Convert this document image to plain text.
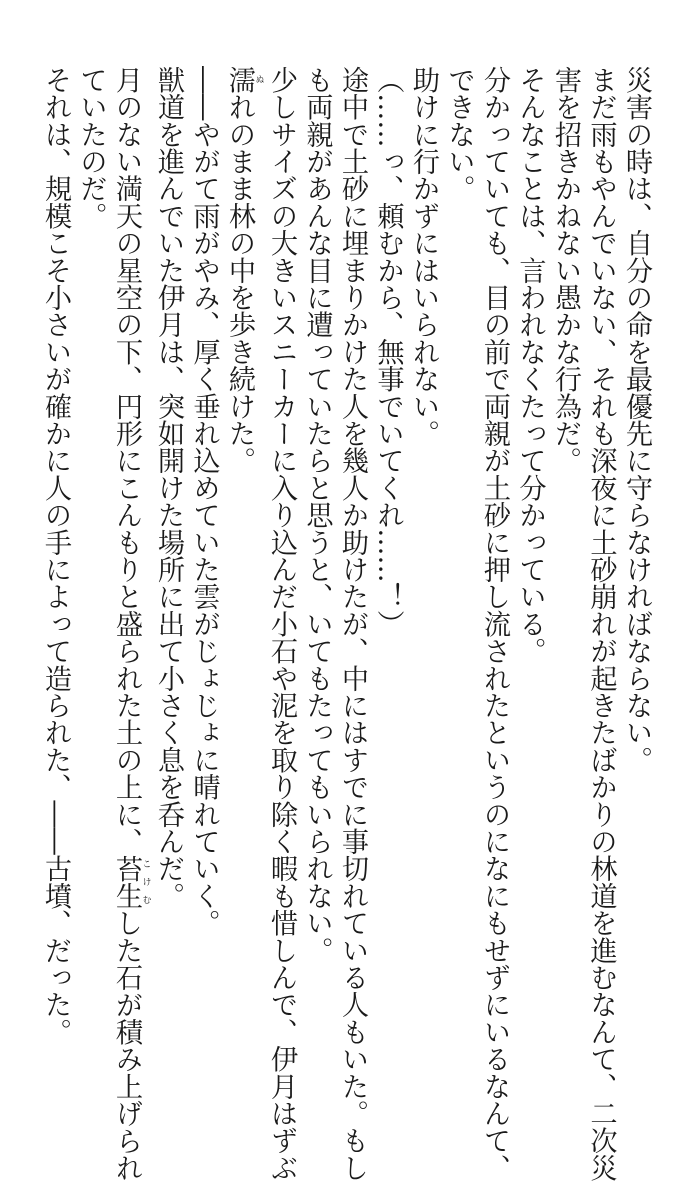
災害の時は、自分の命を最優先に守らなければならない。
まだ雨もやんでいない、それも深夜に土砂崩れが起きたばかりの林道を進むなんて、二次災
害を招きかねない愚かな行為だ。
そんなことは、言われなくたって分かっている。
分かっていても、目の前で両親が土砂に押し流されたというのになにもせずにいるなんて、
できない。
助けに行かずにはいられない。
（……っ、頼むから、無事でいてくれ……！）
途中で土砂に埋まりかけた人を幾人か助けたが、中にはすでに事切れている人もいた。もし
も両親があんな目に遭っていたらと思うと、いてもたってもいられない。
少しサイズの大きいスニーカーに入り込んだ小石や泥を取り除く暇も惜しんで、伊月はずぶ
濡ぬれのまま林の中を歩き続けた。
――やがて雨がやみ、厚く垂れ込めていた雲がじょじょに晴れていく。
獣道を進んでいた伊月は、突如開けた場所に出て小さく息を呑んだ。
月のない満天の星空の下、円形にこんもりと盛られた土の上に、苔生こけむした石が積み上げられ
ていたのだ。
それは、規模こそ小さいが確かに人の手によって造られた、――古墳、だった。
